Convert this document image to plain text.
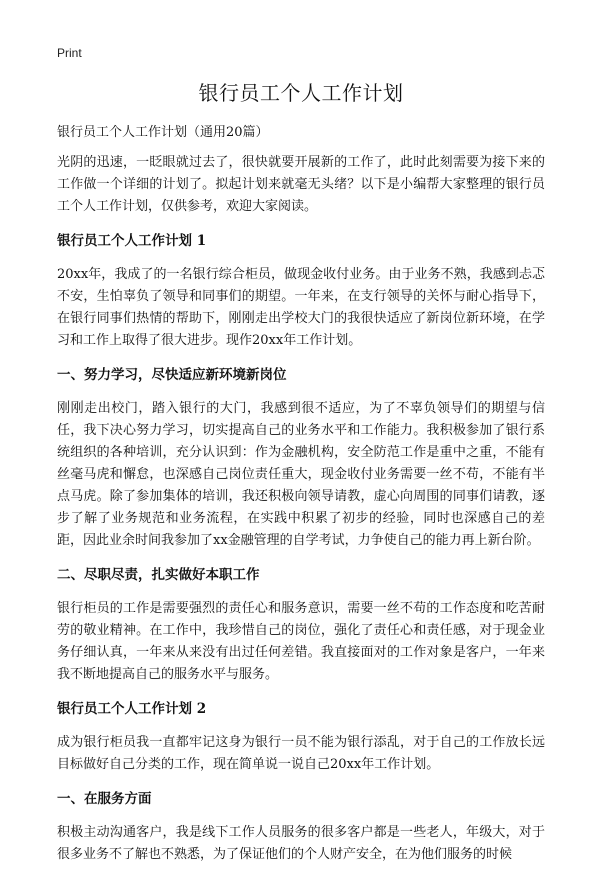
Print
银行员工个人工作计划
银行员工个人工作计划（通用20篇）

光阴的迅速，一眨眼就过去了，很快就要开展新的工作了，此时此刻需要为接下来的工作做一个详细的计划了。拟起计划来就毫无头绪？以下是小编帮大家整理的银行员工个人工作计划，仅供参考，欢迎大家阅读。

银行员工个人工作计划 1

20xx年，我成了的一名银行综合柜员，做现金收付业务。由于业务不熟，我感到忐忑不安，生怕辜负了领导和同事们的期望。一年来，在支行领导的关怀与耐心指导下，在银行同事们热情的帮助下，刚刚走出学校大门的我很快适应了新岗位新环境，在学习和工作上取得了很大进步。现作20xx年工作计划。

一、努力学习，尽快适应新环境新岗位

刚刚走出校门，踏入银行的大门，我感到很不适应，为了不辜负领导们的期望与信任，我下决心努力学习，切实提高自己的业务水平和工作能力。我积极参加了银行系统组织的各种培训，充分认识到：作为金融机构，安全防范工作是重中之重，不能有丝毫马虎和懈怠，也深感自己岗位责任重大，现金收付业务需要一丝不苟，不能有半点马虎。除了参加集体的培训，我还积极向领导请教，虚心向周围的同事们请教，逐步了解了业务规范和业务流程，在实践中积累了初步的经验，同时也深感自己的差距，因此业余时间我参加了xx金融管理的自学考试，力争使自己的能力再上新台阶。

二、尽职尽责，扎实做好本职工作

银行柜员的工作是需要强烈的责任心和服务意识，需要一丝不苟的工作态度和吃苦耐劳的敬业精神。在工作中，我珍惜自己的岗位，强化了责任心和责任感，对于现金业务仔细认真，一年来从来没有出过任何差错。我直接面对的工作对象是客户，一年来我不断地提高自己的服务水平与服务。

银行员工个人工作计划 2

成为银行柜员我一直都牢记这身为银行一员不能为银行添乱，对于自己的工作放长远目标做好自己分类的工作，现在简单说一说自己20xx年工作计划。

一、在服务方面

积极主动沟通客户，我是线下工作人员服务的很多客户都是一些老人，年级大，对于很多业务不了解也不熟悉，为了保证他们的个人财产安全，在为他们服务的时候
